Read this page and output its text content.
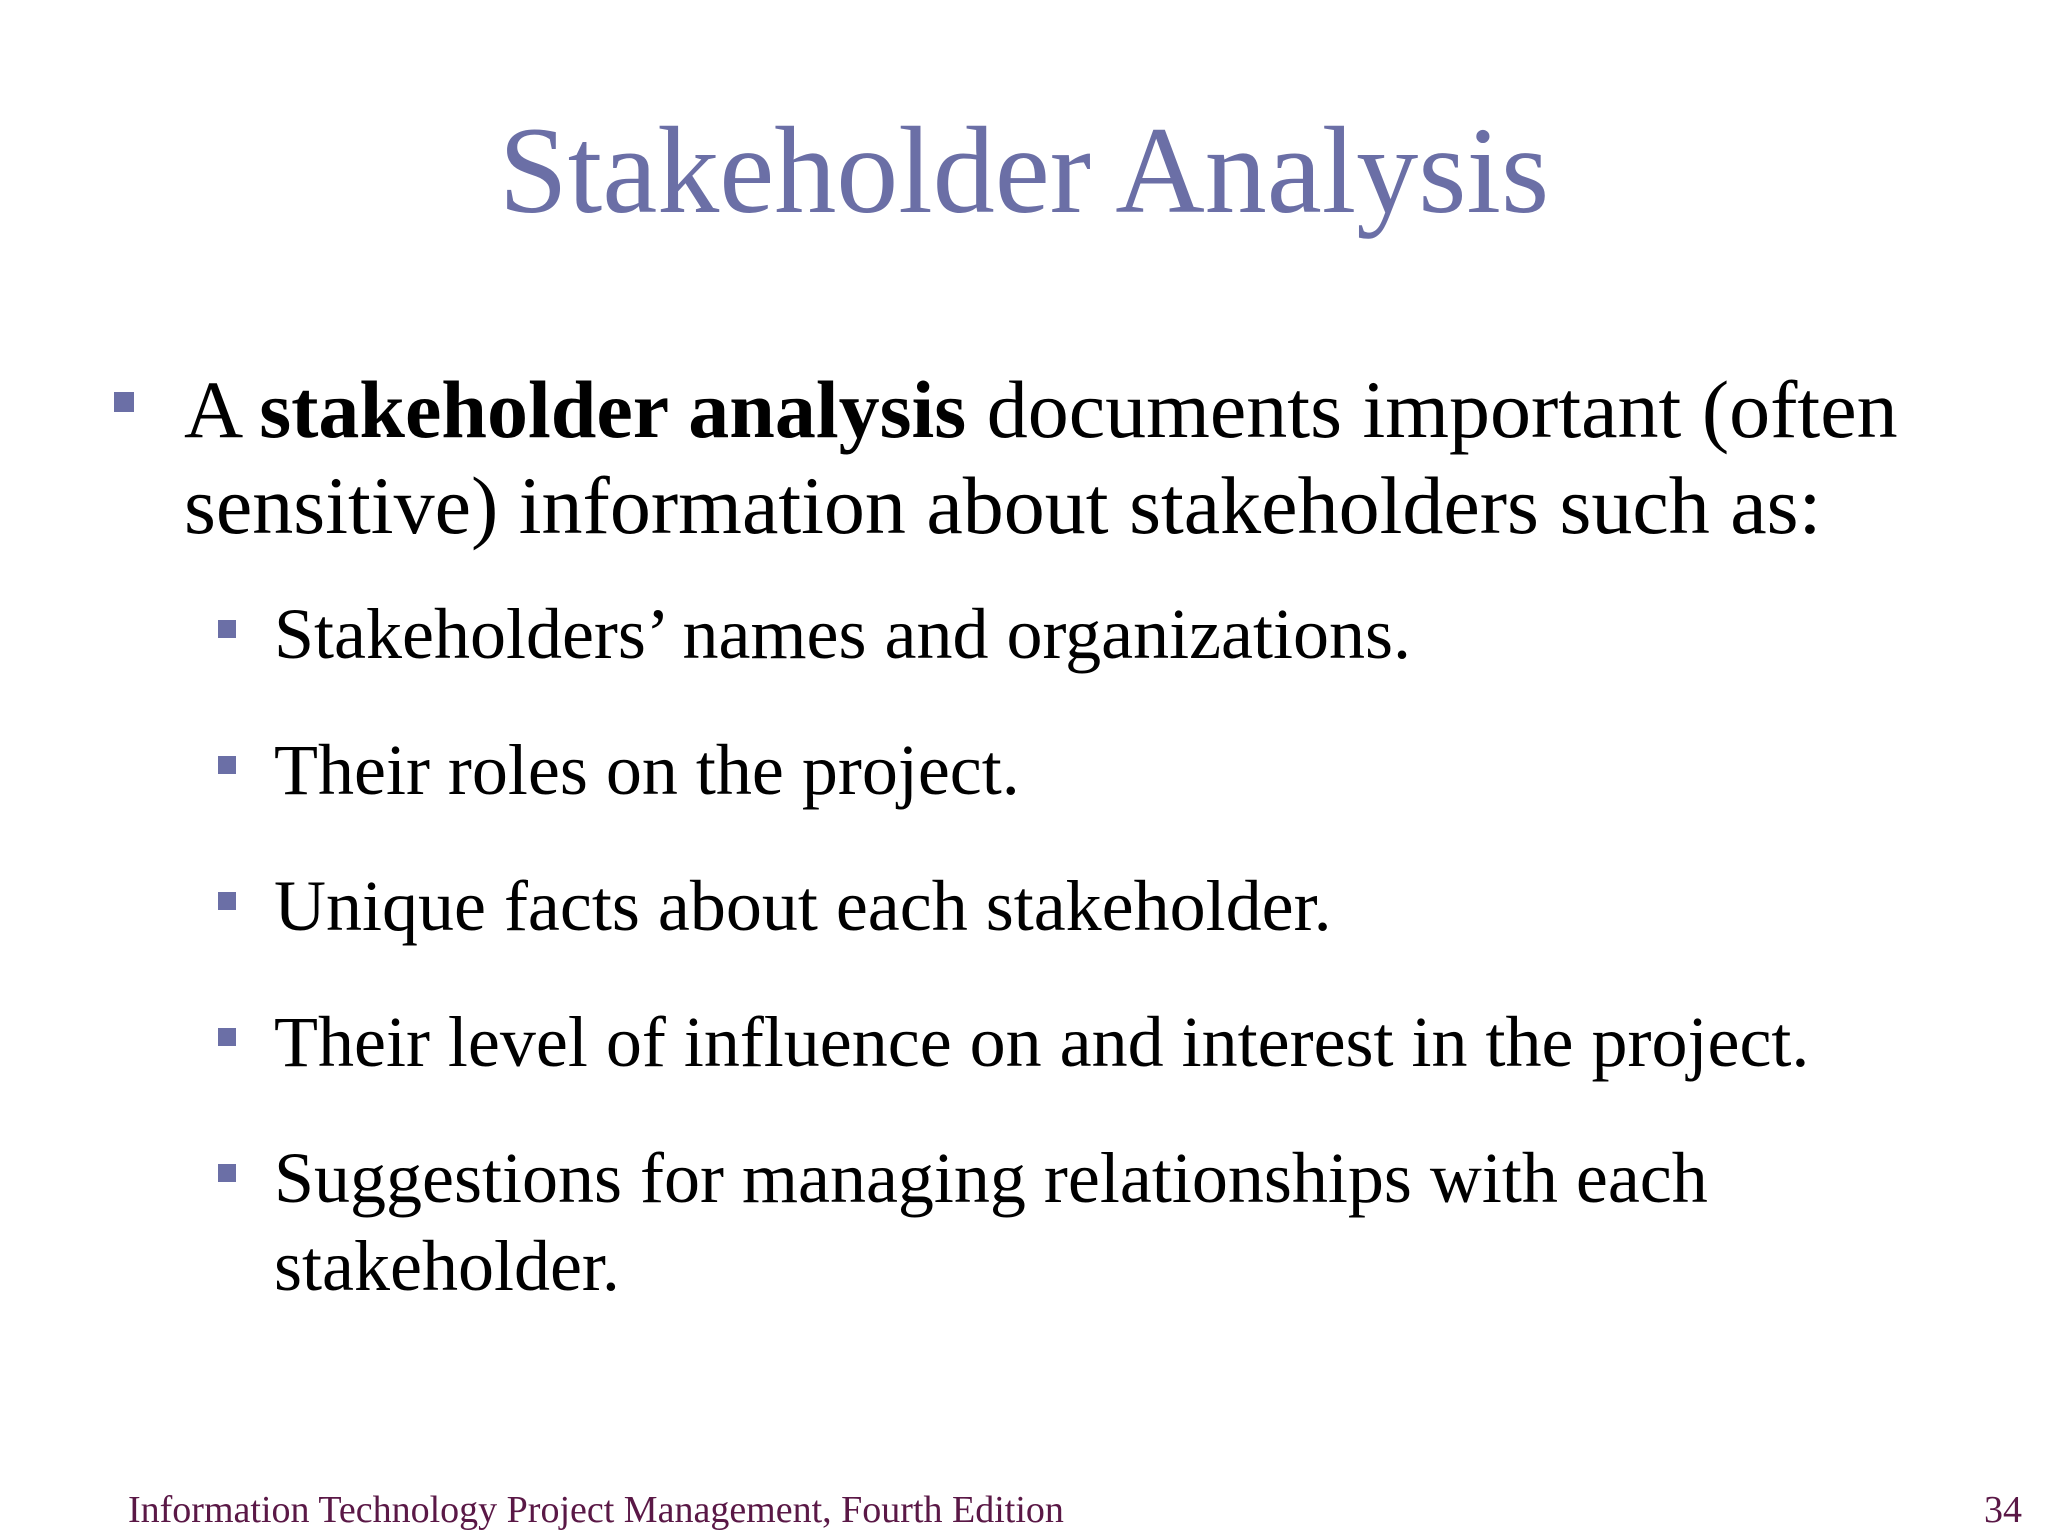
Stakeholder Analysis
A stakeholder analysis documents important (often sensitive) information about stakeholders such as:
Stakeholders’ names and organizations.
Their roles on the project.
Unique facts about each stakeholder.
Their level of influence on and interest in the project.
Suggestions for managing relationships with each stakeholder.
Information Technology Project Management, Fourth Edition	34
